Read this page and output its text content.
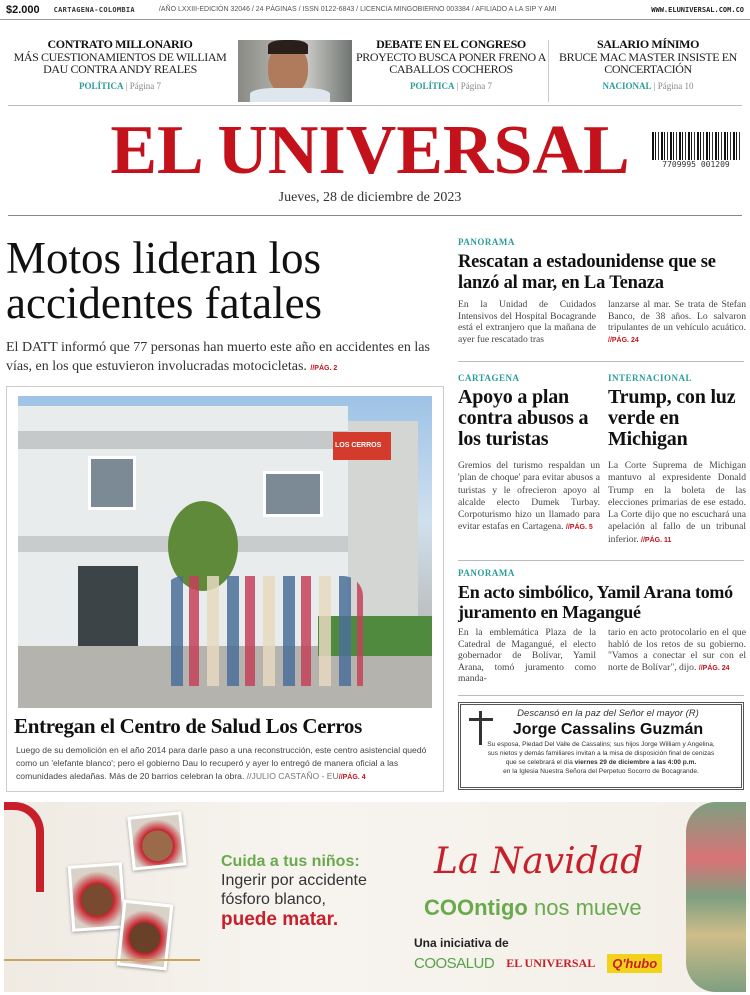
$2.000 CARTAGENA-COLOMBIA	/AÑO LXXIII-EDICIÓN 32046 / 24 PÁGINAS / ISSN 0122-6843 / LICENCIA MINGOBIERNO 003384 / AFILIADO A LA SIP Y AMI	WWW.ELUNIVERSAL.COM.CO
CONTRATO MILLONARIO
MÁS CUESTIONAMIENTOS DE WILLIAM DAU CONTRA ANDY REALES
POLÍTICA | Página 7
DEBATE EN EL CONGRESO
PROYECTO BUSCA PONER FRENO A CABALLOS COCHEROS
POLÍTICA | Página 7
SALARIO MÍNIMO
BRUCE MAC MASTER INSISTE EN CONCERTACIÓN
NACIONAL | Página 10
EL UNIVERSAL	7709995 001209
Jueves, 28 de diciembre de 2023
Motos lideran los accidentes fatales
El DATT informó que 77 personas han muerto este año en accidentes en las vías, en los que estuvieron involucradas motocicletas. //PÁG. 2
LOS CERROS
Entregan el Centro de Salud Los Cerros
Luego de su demolición en el año 2014 para darle paso a una reconstrucción, este centro asistencial quedó como un 'elefante blanco'; pero el gobierno Dau lo recuperó y ayer lo entregó de manera oficial a las comunidades aledañas. Más de 20 barrios celebran la obra. //JULIO CASTAÑO - EU//PÁG. 4
PANORAMA
Rescatan a estadounidense que se lanzó al mar, en La Tenaza
En la Unidad de Cuidados Intensivos del Hospital Bocagrande está el extranjero que la mañana de ayer fue rescatado tras
lanzarse al mar. Se trata de Stefan Banco, de 38 años. Lo salvaron tripulantes de un vehículo acuático. //PÁG. 24
CARTAGENA
Apoyo a plan contra abusos a los turistas
Gremios del turismo respaldan un 'plan de choque' para evitar abusos a turistas y le ofrecieron apoyo al alcalde electo Dumek Turbay. Corpoturismo hizo un llamado para evitar estafas en Cartagena. //PÁG. 5
INTERNACIONAL
Trump, con luz verde en Michigan
La Corte Suprema de Michigan mantuvo al expresidente Donald Trump en la boleta de las elecciones primarias de ese estado. La Corte dijo que no escuchará una apelación al fallo de un tribunal inferior. //PÁG. 11
PANORAMA
En acto simbólico, Yamil Arana tomó juramento en Magangué
En la emblemática Plaza de la Catedral de Magangué, el electo gobernador de Bolívar, Yamil Arana, tomó juramento como manda-
tario en acto protocolario en el que habló de los retos de su gobierno. "Vamos a conectar el sur con el norte de Bolívar", dijo. //PÁG. 24
Descansó en la paz del Señor el mayor (R)
Jorge Cassalins Guzmán
Su esposa, Piedad Del Valle de Cassalins; sus hijos Jorge William y Angelina,
sus nietos y demás familiares invitan a la misa de disposición final de cenizas
que se celebrará el día viernes 29 de diciembre a las 4:00 p.m.
en la Iglesia Nuestra Señora del Perpetuo Socorro de Bocagrande.
Cuida a tus niños:
Ingerir por accidente
fósforo blanco,
puede matar.
La Navidad
COOntigo nos mueve
Una iniciativa de
COOSALUD EL UNIVERSAL	Q'hubo
